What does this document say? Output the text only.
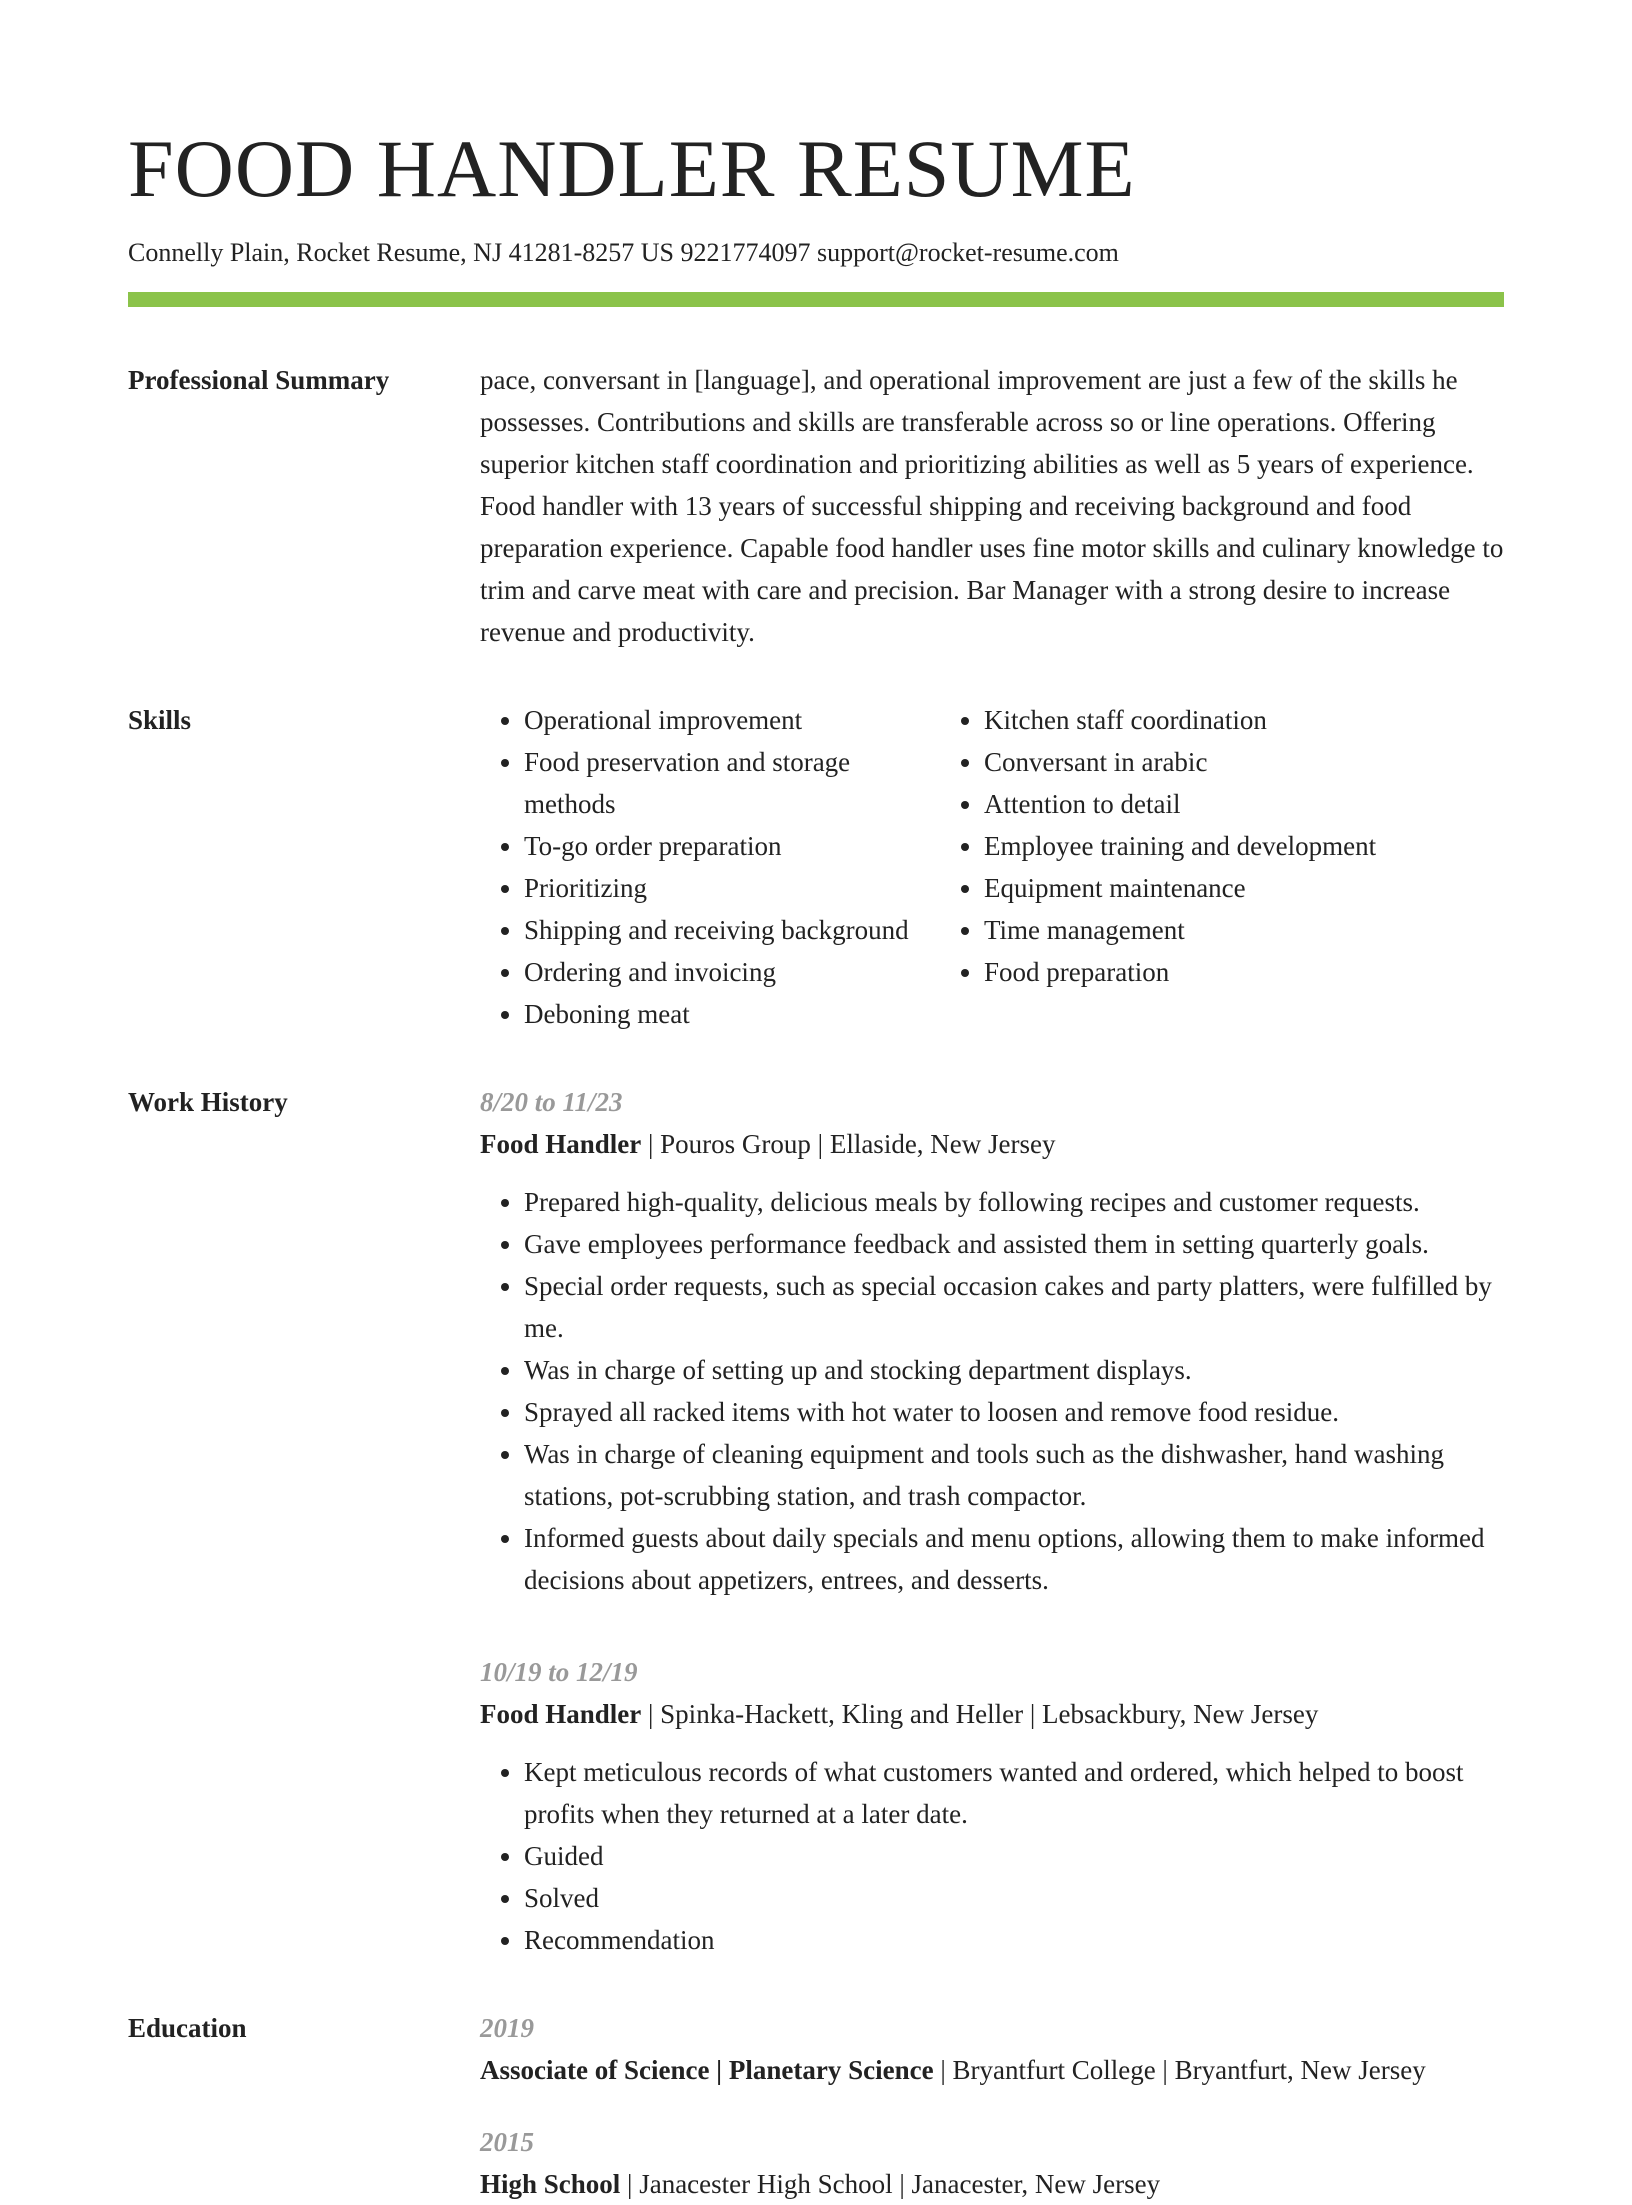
FOOD HANDLER RESUME
Connelly Plain, Rocket Resume, NJ 41281-8257 US 9221774097 support@rocket-resume.com
Professional Summary	pace, conversant in [language], and operational improvement are just a few of the skills he possesses. Contributions and skills are transferable across so or line operations. Offering superior kitchen staff coordination and prioritizing abilities as well as 5 years of experience. Food handler with 13 years of successful shipping and receiving background and food preparation experience. Capable food handler uses fine motor skills and culinary knowledge to trim and carve meat with care and precision. Bar Manager with a strong desire to increase revenue and productivity.

Skills
•	Operational improvement
• Food preservation and storage methods
• To-go order preparation
• Prioritizing
• Shipping and receiving background
• Ordering and invoicing
• Deboning meat
• Kitchen staff coordination
• Conversant in arabic
• Attention to detail
• Employee training and development
• Equipment maintenance
• Time management
• Food preparation
Work History	8/20 to 11/23
Food Handler | Pouros Group | Ellaside, New Jersey
• Prepared high-quality, delicious meals by following recipes and customer requests.
• Gave employees performance feedback and assisted them in setting quarterly goals.
• Special order requests, such as special occasion cakes and party platters, were fulfilled by me.
• Was in charge of setting up and stocking department displays.
• Sprayed all racked items with hot water to loosen and remove food residue.
• Was in charge of cleaning equipment and tools such as the dishwasher, hand washing stations, pot-scrubbing station, and trash compactor.
• Informed guests about daily specials and menu options, allowing them to make informed decisions about appetizers, entrees, and desserts.
10/19 to 12/19
Food Handler | Spinka-Hackett, Kling and Heller | Lebsackbury, New Jersey
• Kept meticulous records of what customers wanted and ordered, which helped to boost profits when they returned at a later date.
• Guided
• Solved
• Recommendation
Education	2019
Associate of Science | Planetary Science | Bryantfurt College | Bryantfurt, New Jersey
2015
High School | Janacester High School | Janacester, New Jersey
